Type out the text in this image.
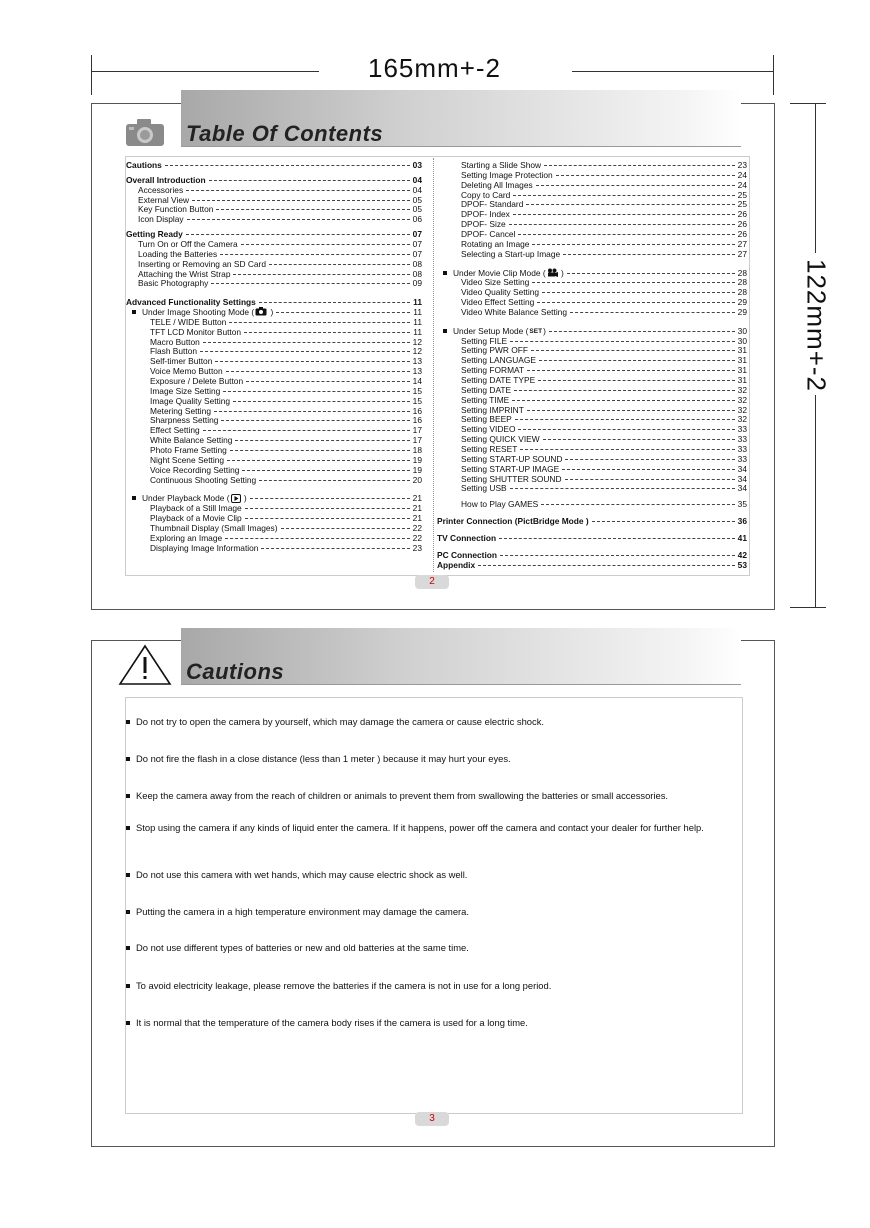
165mm+-2
122mm+-2
Table Of Contents
Cautions	03
Overall Introduction	04
Accessories	04
External View	05
Key Function Button	05
Icon Display	06
Getting Ready	07
Turn On or Off the Camera	07
Loading the Batteries	07
Inserting or Removing an SD Card	08
Attaching the Wrist Strap	08
Basic Photography	09
Advanced Functionality Settings	11
Under Image Shooting Mode ( )	11
TELE / WIDE Button	11
TFT LCD Monitor Button	11
Macro Button	12
Flash Button	12
Self-timer Button	13
Voice Memo Button	13
Exposure / Delete Button	14
Image Size Setting	15
Image Quality Setting	15
Metering Setting	16
Sharpness Setting	16
Effect Setting	17
White Balance Setting	17
Photo Frame Setting	18
Night Scene Setting	19
Voice Recording Setting	19
Continuous Shooting Setting	20
Under Playback Mode ( )	21
Playback of a Still Image	21
Playback of a Movie Clip	21
Thumbnail Display (Small Images)	22
Exploring an Image	22
Displaying Image Information	23
Starting a Slide Show	23
Setting Image Protection	24
Deleting All Images	24
Copy to Card	25
DPOF- Standard	25
DPOF- Index	26
DPOF- Size	26
DPOF- Cancel	26
Rotating an Image	27
Selecting a Start-up Image	27
Under Movie Clip Mode ( )	28
Video Size Setting	28
Video Quality Setting	28
Video Effect Setting	29
Video White Balance Setting	29
Under Setup Mode (SET)	30
Setting FILE	30
Setting PWR OFF	31
Setting LANGUAGE	31
Setting FORMAT	31
Setting DATE TYPE	31
Setting DATE	32
Setting TIME	32
Setting IMPRINT	32
Setting BEEP	32
Setting VIDEO	33
Setting QUICK VIEW	33
Setting RESET	33
Setting START-UP SOUND	33
Setting START-UP IMAGE	34
Setting SHUTTER SOUND	34
Setting USB	34
How to Play GAMES	35
Printer Connection (PictBridge Mode )	36
TV Connection	41
PC Connection	42
Appendix	53
2
Cautions
Do not try to open the camera by yourself, which may damage the camera or cause electric shock.
Do not fire the flash in a close distance (less than 1 meter ) because it may hurt your eyes.
Keep the camera away from the reach of children or animals to prevent them from swallowing the batteries or small accessories.
Stop using the camera if any kinds of liquid enter the camera. If it happens, power off the camera and contact your dealer for further help.
Do not use this camera with wet hands, which may cause electric shock as well.
Putting the camera in a high temperature environment may damage the camera.
Do not use different types of batteries or new and old batteries at the same time.
To avoid electricity leakage, please remove the batteries if the camera is not in use for a long period.
It is normal that the temperature of the camera body rises if the camera is used for a long time.
3
